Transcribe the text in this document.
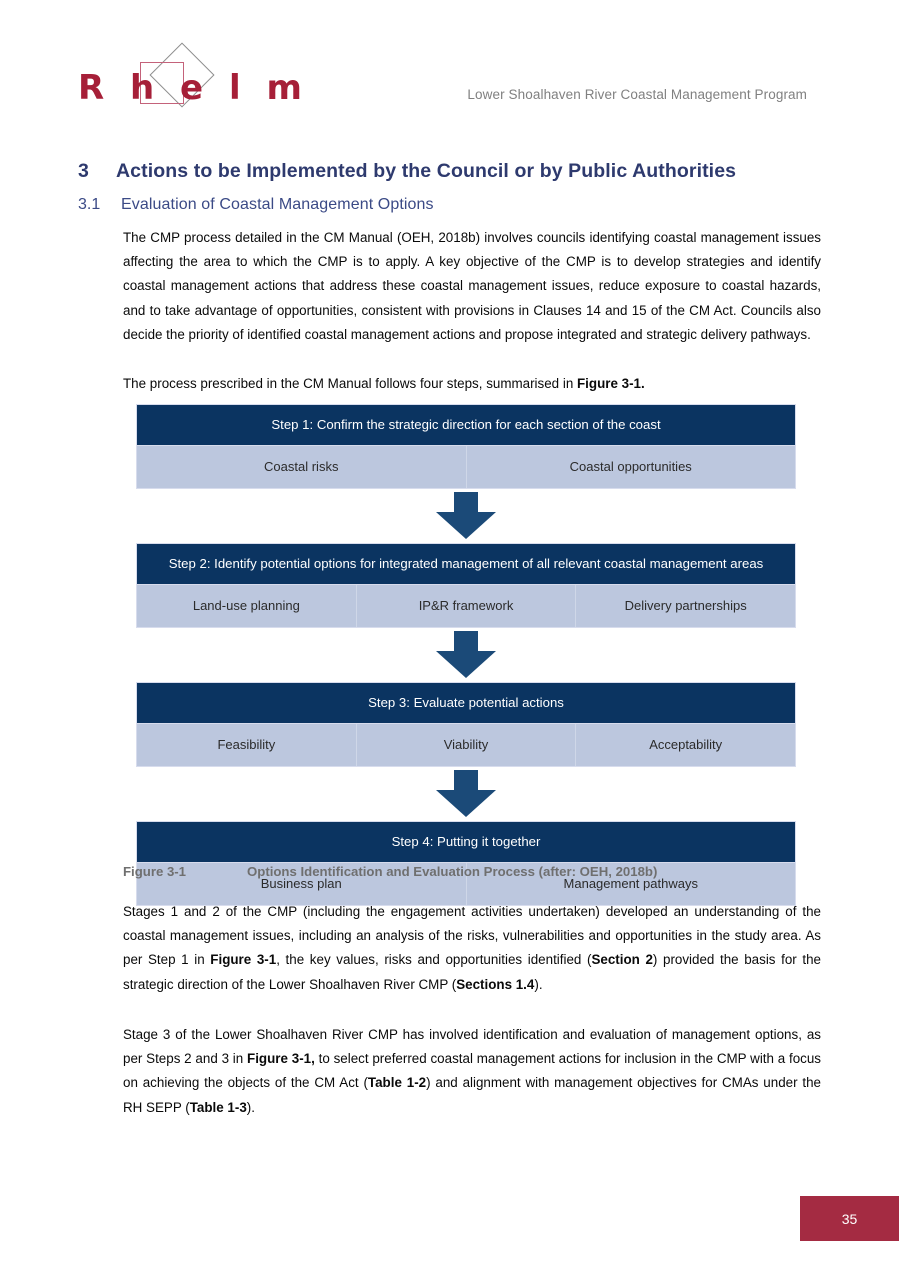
R h e l m	Lower Shoalhaven River Coastal Management Program
3	Actions to be Implemented by the Council or by Public Authorities
3.1	Evaluation of Coastal Management Options

The CMP process detailed in the CM Manual (OEH, 2018b) involves councils identifying coastal management issues affecting the area to which the CMP is to apply. A key objective of the CMP is to develop strategies and identify coastal management actions that address these coastal management issues, reduce exposure to coastal hazards, and to take advantage of opportunities, consistent with provisions in Clauses 14 and 15 of the CM Act. Councils also decide the priority of identified coastal management actions and propose integrated and strategic delivery pathways.

The process prescribed in the CM Manual follows four steps, summarised in Figure 3-1.

Step 1: Confirm the strategic direction for each section of the coast
Coastal risks	Coastal opportunities
Step 2: Identify potential options for integrated management of all relevant coastal management areas
Land-use planning	IP&R framework	Delivery partnerships
Step 3: Evaluate potential actions
Feasibility	Viability	Acceptability
Step 4: Putting it together
Business plan	Management pathways
Figure 3-1	Options Identification and Evaluation Process (after: OEH, 2018b)

Stages 1 and 2 of the CMP (including the engagement activities undertaken) developed an understanding of the coastal management issues, including an analysis of the risks, vulnerabilities and opportunities in the study area. As per Step 1 in Figure 3-1, the key values, risks and opportunities identified (Section 2) provided the basis for the strategic direction of the Lower Shoalhaven River CMP (Sections 1.4).

Stage 3 of the Lower Shoalhaven River CMP has involved identification and evaluation of management options, as per Steps 2 and 3 in Figure 3-1, to select preferred coastal management actions for inclusion in the CMP with a focus on achieving the objects of the CM Act (Table 1-2) and alignment with management objectives for CMAs under the RH SEPP (Table 1-3).

35
